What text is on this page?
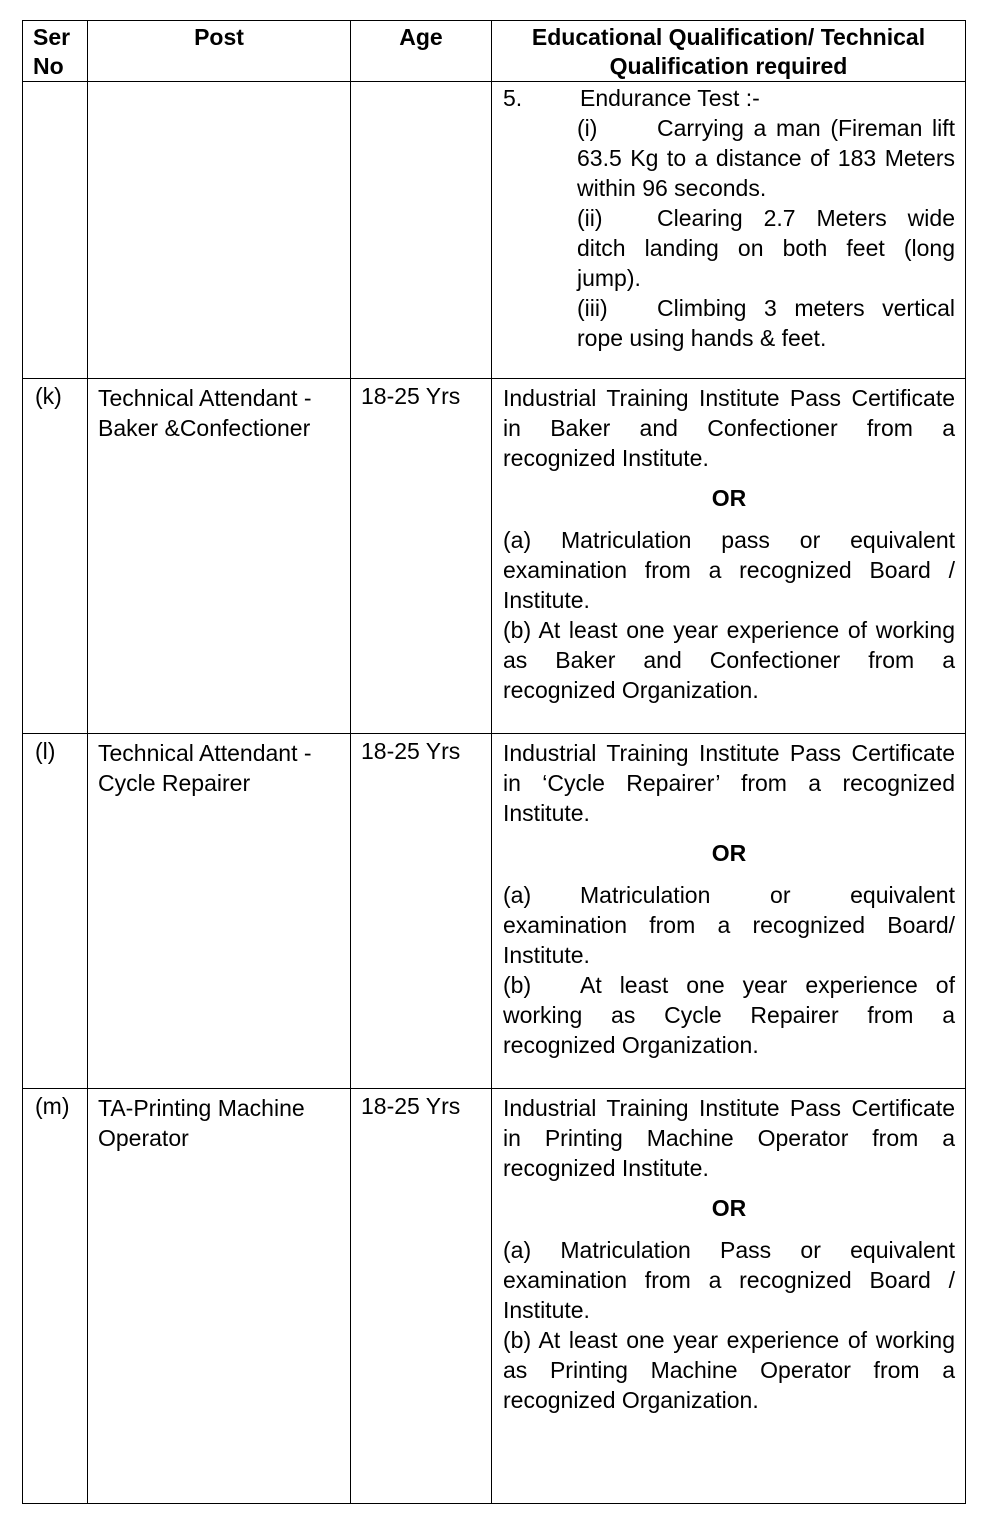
Ser No	Post	Age	Educational Qualification/ Technical Qualification required

			5. Endurance Test :-
(i) Carrying a man (Fireman lift 63.5 Kg to a distance of 183 Meters within 96 seconds.
(ii) Clearing 2.7 Meters wide ditch landing on both feet (long jump).
(iii) Climbing 3 meters vertical rope using hands & feet.

(k)	Technical Attendant - Baker &Confectioner	18-25 Yrs	Industrial Training Institute Pass Certificate in Baker and Confectioner from a recognized Institute.
OR
(a) Matriculation pass or equivalent examination from a recognized Board / Institute.
(b) At least one year experience of working as Baker and Confectioner from a recognized Organization.

(l)	Technical Attendant - Cycle Repairer	18-25 Yrs	Industrial Training Institute Pass Certificate in ‘Cycle Repairer’ from a recognized Institute.
OR
(a) Matriculation or equivalent examination from a recognized Board/ Institute.
(b) At least one year experience of working as Cycle Repairer from a recognized Organization.

(m)	TA-Printing Machine Operator	18-25 Yrs	Industrial Training Institute Pass Certificate in Printing Machine Operator from a recognized Institute.
OR
(a) Matriculation Pass or equivalent examination from a recognized Board / Institute.
(b) At least one year experience of working as Printing Machine Operator from a recognized Organization.
